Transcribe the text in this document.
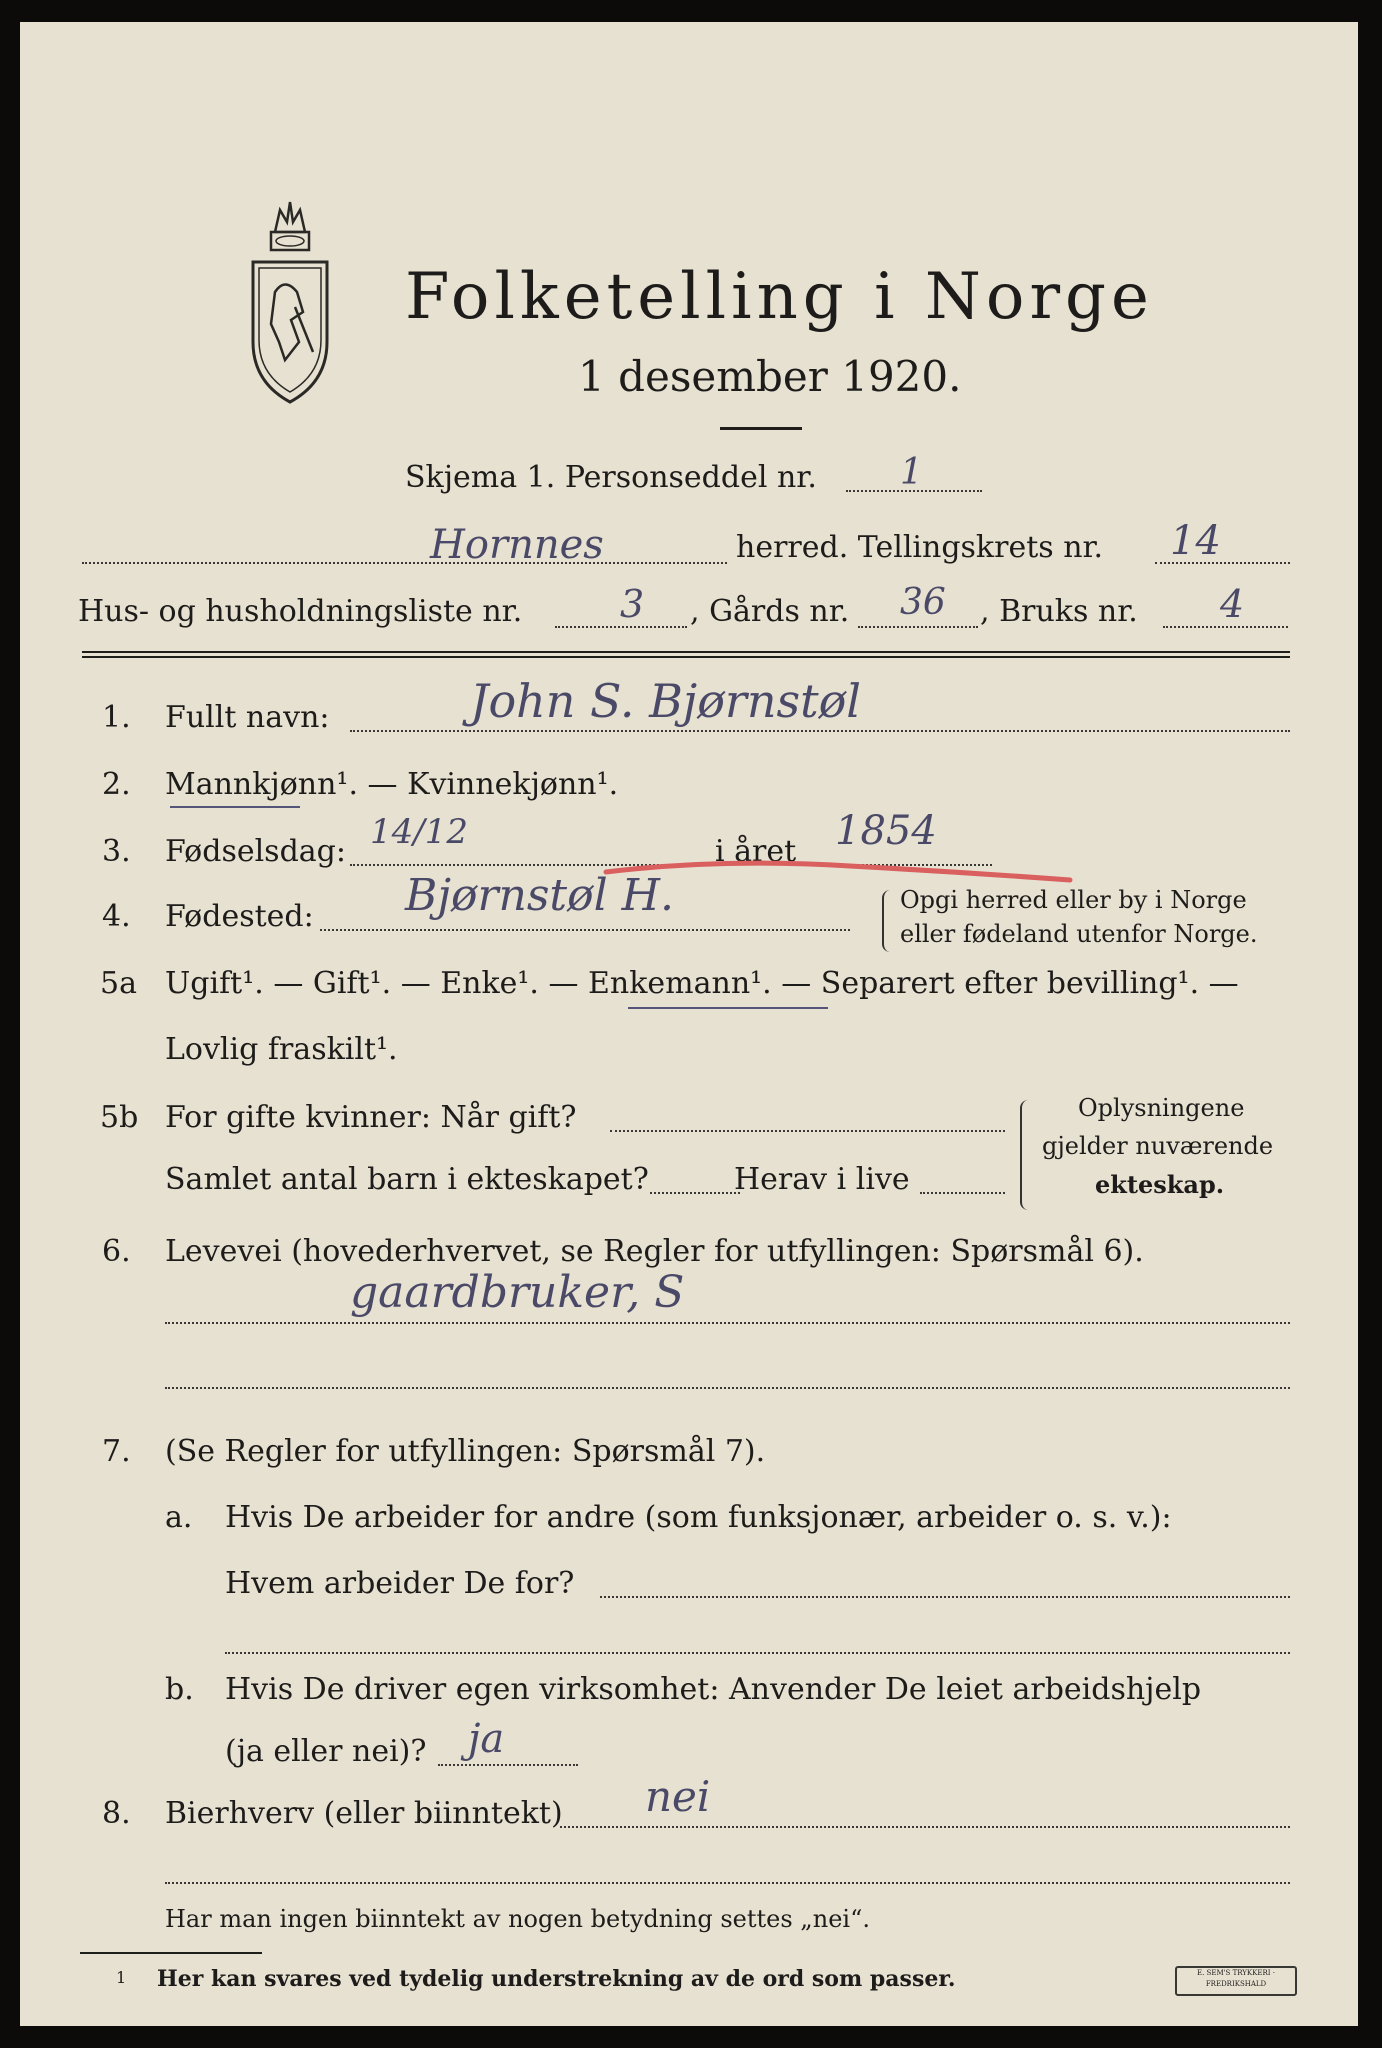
Folketelling i Norge
1 desember 1920.
Skjema 1. Personseddel nr. 1
Hornnes	herred. Tellingskrets nr. 14
Hus- og husholdningsliste nr.	3 , Gårds nr. 36 , Bruks nr. 4
1. Fullt navn:	John S. Bjørnstøl
2. Mannkjønn¹. — Kvinnekjønn¹.
3. Fødselsdag: 14/12	i året 1854
4. Fødested: Bjørnstøl H.	Opgi herred eller by i Norge
eller fødeland utenfor Norge.
5a Ugift¹. — Gift¹. — Enke¹. — Enkemann¹. — Separert efter bevilling¹. —
Lovlig fraskilt¹.
5b For gifte kvinner: Når gift?
Samlet antal barn i ekteskapet?	Herav i live
Oplysningene
gjelder nuværende
ekteskap.
6. Levevei (hovederhvervet, se Regler for utfyllingen: Spørsmål 6).
gaardbruker, S
7. (Se Regler for utfyllingen: Spørsmål 7).
a. Hvis De arbeider for andre (som funksjonær, arbeider o. s. v.):
Hvem arbeider De for?
b. Hvis De driver egen virksomhet: Anvender De leiet arbeidshjelp
(ja eller nei)? ja
8. Bierhverv (eller biinntekt) nei
Har man ingen biinntekt av nogen betydning settes „nei“.
1 Her kan svares ved tydelig understrekning av de ord som passer.	E. SEM'S TRYKKERI · FREDRIKSHALD
